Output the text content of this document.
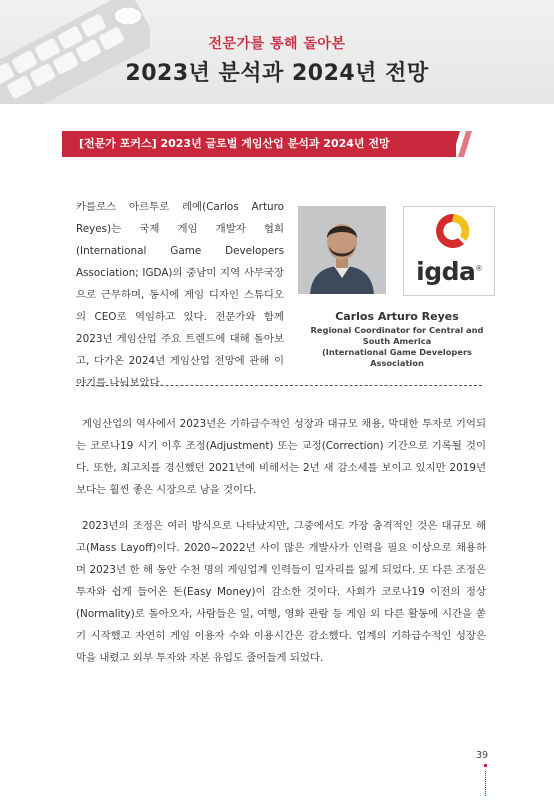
전문가를 통해 돌아본
2023년 분석과 2024년 전망
[전문가 포커스] 2023년 글로벌 게임산업 분석과 2024년 전망
카를로스 아르투로 레예(Carlos Arturo Reyes)는 국제 게임 개발자 협회(International Game Developers Association; IGDA)의 중남미 지역 사무국장으로 근무하며, 동시에 게임 디자인 스튜디오의 CEO로 역임하고 있다. 전문가와 함께 2023년 게임산업 주요 트렌드에 대해 돌아보고, 다가온 2024년 게임산업 전망에 관해 이야기를 나눠보았다.
igda®
Carlos Arturo Reyes
Regional Coordinator for Central and South America
(International Game Developers Association
게임산업의 역사에서 2023년은 기하급수적인 성장과 대규모 채용, 막대한 투자로 기억되는 코로나19 시기 이후 조정(Adjustment) 또는 교정(Correction) 기간으로 기록될 것이다. 또한, 최고치를 경신했던 2021년에 비해서는 2년 새 감소세를 보이고 있지만 2019년보다는 훨씬 좋은 시장으로 남을 것이다.
2023년의 조정은 여러 방식으로 나타났지만, 그중에서도 가장 충격적인 것은 대규모 해고(Mass Layoff)이다. 2020~2022년 사이 많은 개발사가 인력을 필요 이상으로 채용하며 2023년 한 해 동안 수천 명의 게임업계 인력들이 일자리를 잃게 되었다. 또 다른 조정은 투자와 쉽게 들어온 돈(Easy Money)이 감소한 것이다. 사회가 코로나19 이전의 정상(Normality)로 돌아오자, 사람들은 일, 여행, 영화 관람 등 게임 외 다른 활동에 시간을 쏟기 시작했고 자연히 게임 이용자 수와 이용시간은 감소했다. 업계의 기하급수적인 성장은 막을 내렸고 외부 투자와 자본 유입도 줄어들게 되었다.
39
